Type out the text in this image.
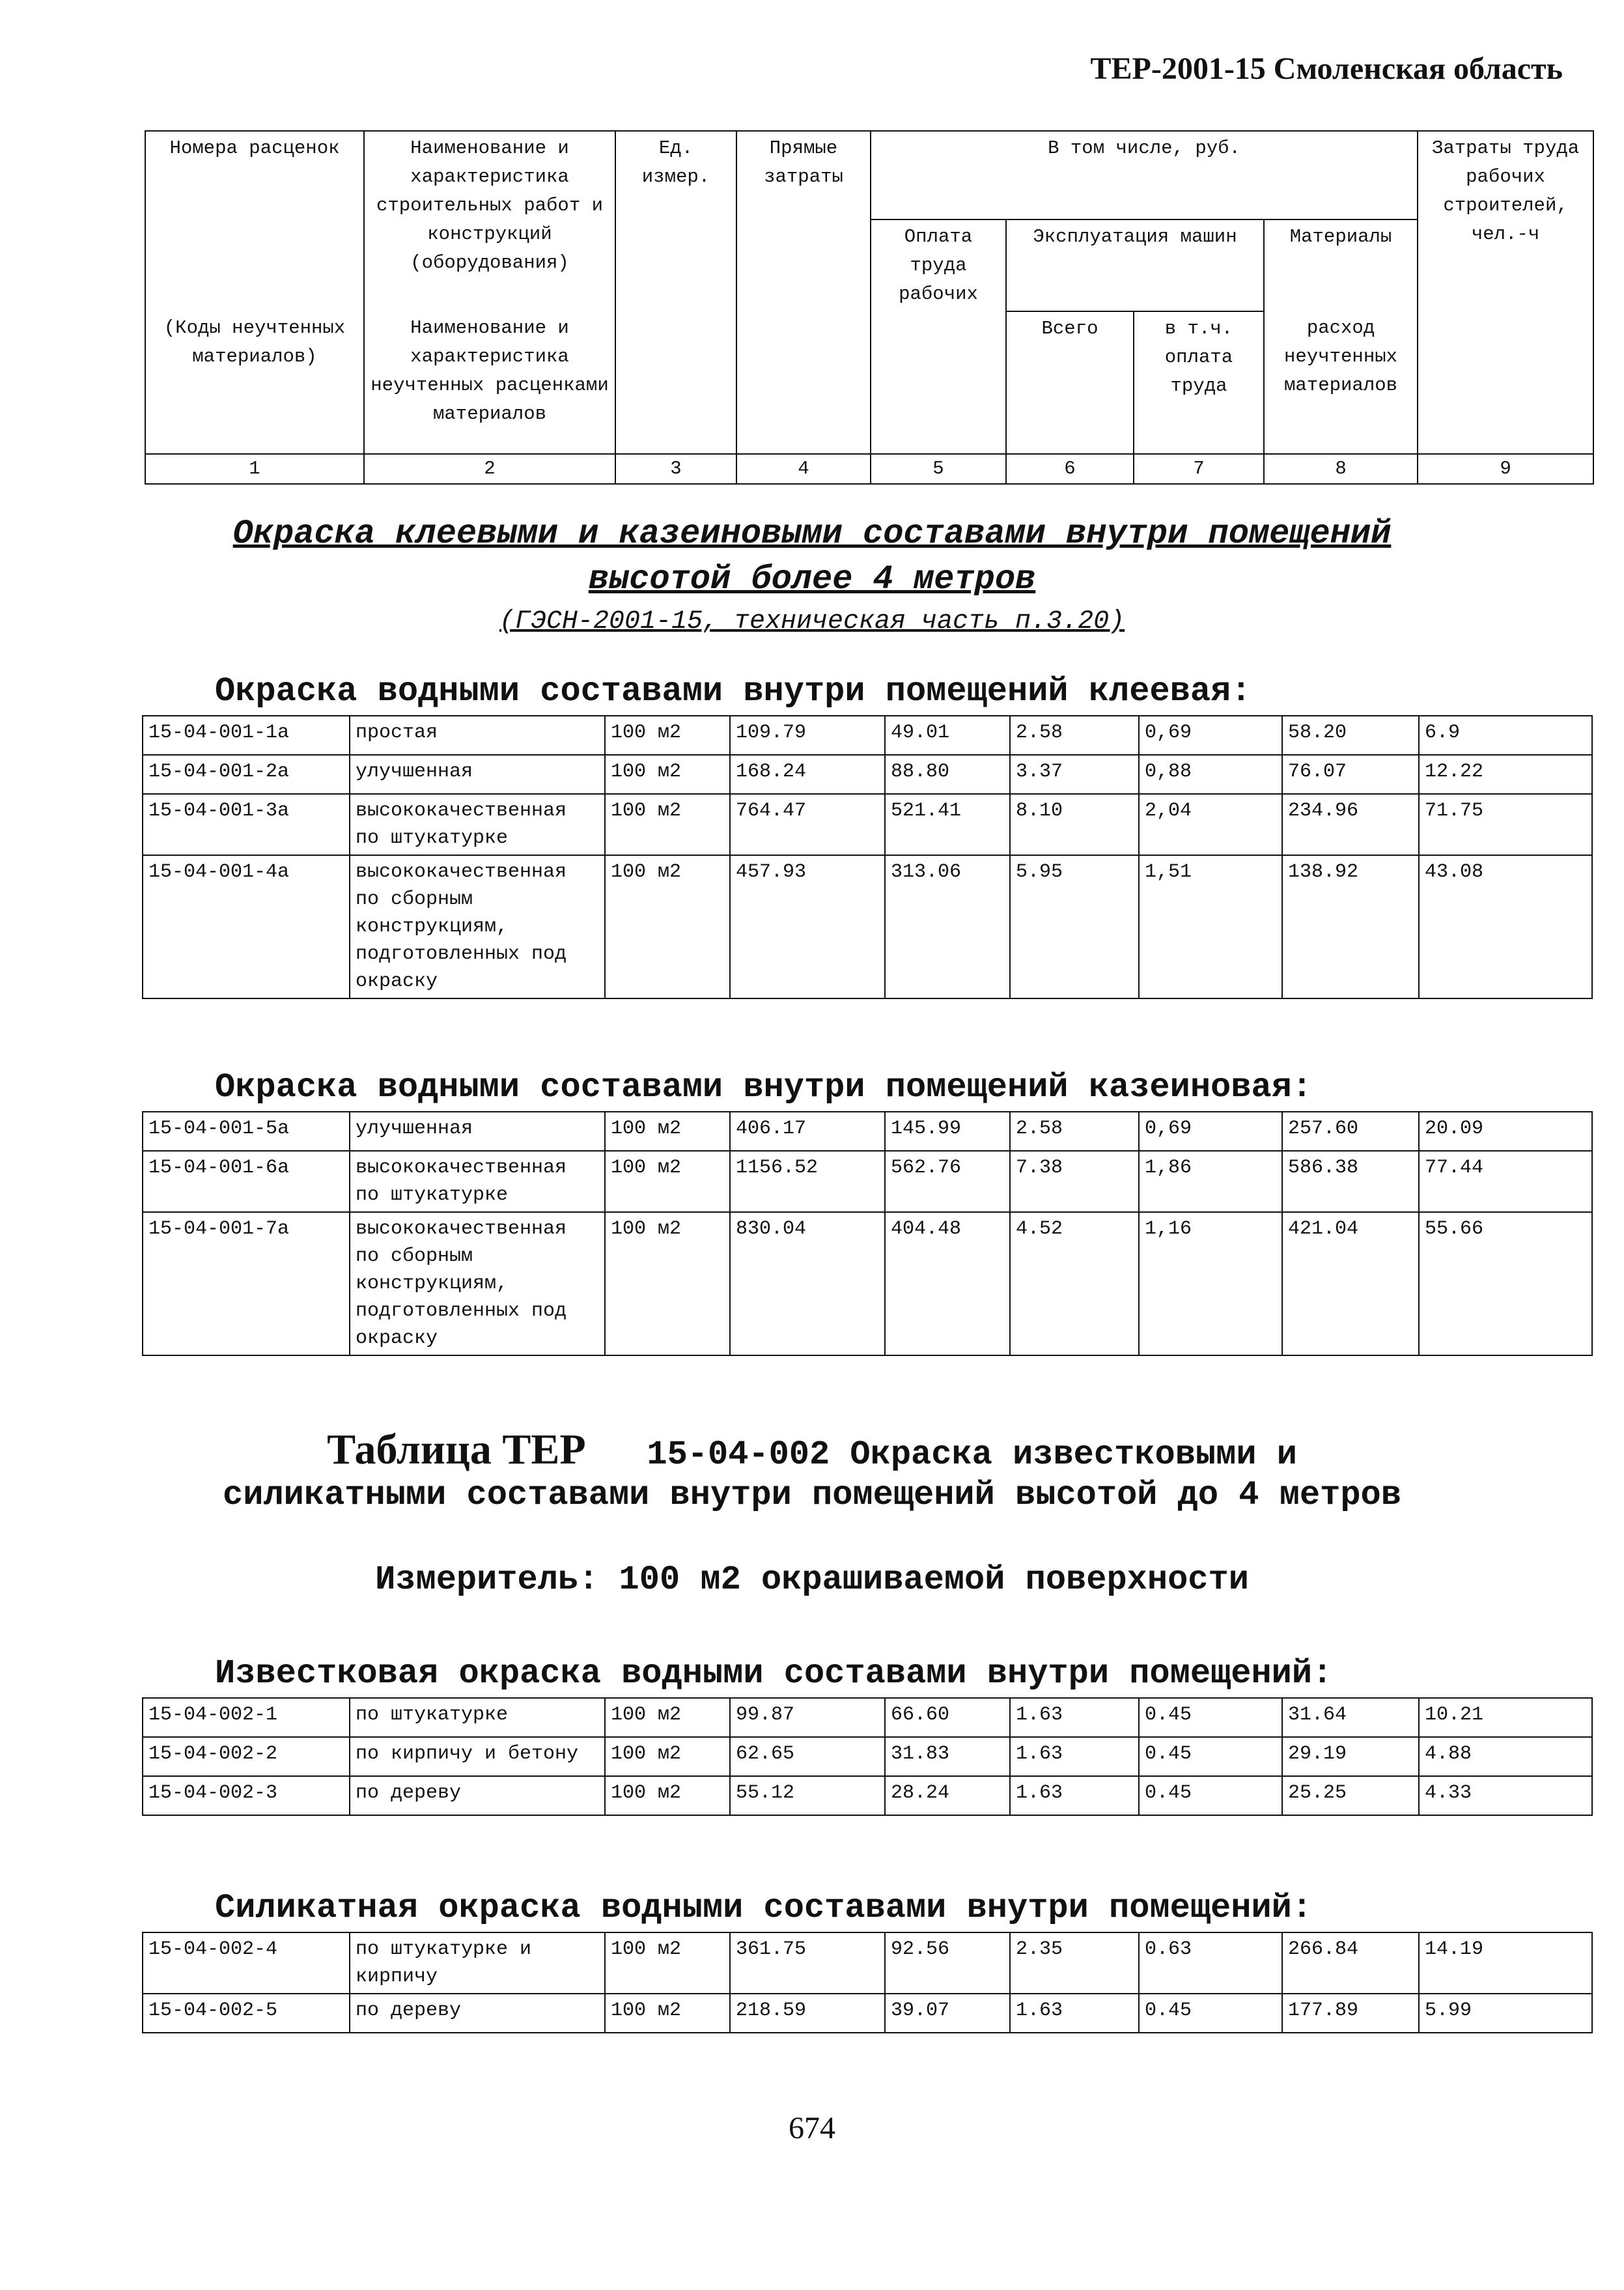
ТЕР-2001-15 Смоленская область
Номера расценок	Наименование и характеристика строительных работ и конструкций (оборудования)	Ед. измер.	Прямые затраты	В том числе, руб.				Затраты труда рабочих строителей, чел.-ч
				Оплата труда рабочих	Эксплуатация машин		Материалы	
(Коды неучтенных материалов)	Наименование и характеристика неучтенных расценками материалов				Всего	в т.ч. оплата труда	расход неучтенных материалов	
1	2	3	4	5	6	7	8	9
Окраска клеевыми и казеиновыми составами внутри помещений
высотой более 4 метров
(ГЭСН-2001-15, техническая часть п.3.20)
Окраска водными составами внутри помещений клеевая:
15-04-001-1a	простая	100 м2	109.79	49.01	2.58	0,69	58.20	6.9
15-04-001-2a	улучшенная	100 м2	168.24	88.80	3.37	0,88	76.07	12.22
15-04-001-3a	высококачественная по штукатурке	100 м2	764.47	521.41	8.10	2,04	234.96	71.75
15-04-001-4a	высококачественная по сборным конструкциям, подготовленных под окраску	100 м2	457.93	313.06	5.95	1,51	138.92	43.08
Окраска водными составами внутри помещений казеиновая:
15-04-001-5a	улучшенная	100 м2	406.17	145.99	2.58	0,69	257.60	20.09
15-04-001-6a	высококачественная по штукатурке	100 м2	1156.52	562.76	7.38	1,86	586.38	77.44
15-04-001-7a	высококачественная по сборным конструкциям, подготовленных под окраску	100 м2	830.04	404.48	4.52	1,16	421.04	55.66
Таблица ТЕР 15-04-002 Окраска известковыми и
силикатными составами внутри помещений высотой до 4 метров
Измеритель: 100 м2 окрашиваемой поверхности
Известковая окраска водными составами внутри помещений:
15-04-002-1	по штукатурке	100 м2	99.87	66.60	1.63	0.45	31.64	10.21
15-04-002-2	по кирпичу и бетону	100 м2	62.65	31.83	1.63	0.45	29.19	4.88
15-04-002-3	по дереву	100 м2	55.12	28.24	1.63	0.45	25.25	4.33
Силикатная окраска водными составами внутри помещений:
15-04-002-4	по штукатурке и кирпичу	100 м2	361.75	92.56	2.35	0.63	266.84	14.19
15-04-002-5	по дереву	100 м2	218.59	39.07	1.63	0.45	177.89	5.99
674
